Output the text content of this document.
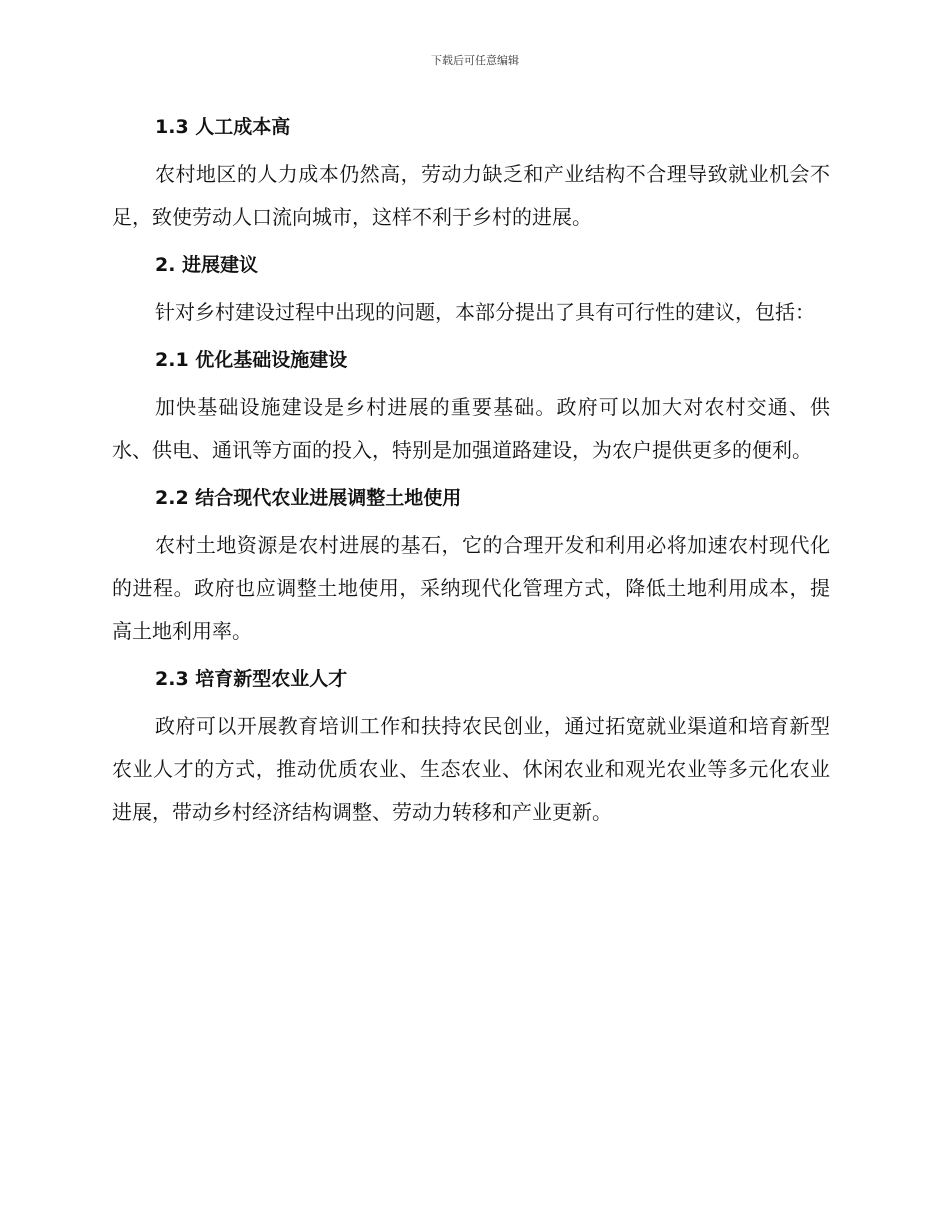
下载后可任意编辑
1.3 人工成本高

农村地区的人力成本仍然高，劳动力缺乏和产业结构不合理导致就业机会不足，致使劳动人口流向城市，这样不利于乡村的进展。

2. 进展建议

针对乡村建设过程中出现的问题，本部分提出了具有可行性的建议，包括：

2.1 优化基础设施建设

加快基础设施建设是乡村进展的重要基础。政府可以加大对农村交通、供水、供电、通讯等方面的投入，特别是加强道路建设，为农户提供更多的便利。

2.2 结合现代农业进展调整土地使用

农村土地资源是农村进展的基石，它的合理开发和利用必将加速农村现代化的进程。政府也应调整土地使用，采纳现代化管理方式，降低土地利用成本，提高土地利用率。

2.3 培育新型农业人才

政府可以开展教育培训工作和扶持农民创业，通过拓宽就业渠道和培育新型农业人才的方式，推动优质农业、生态农业、休闲农业和观光农业等多元化农业进展，带动乡村经济结构调整、劳动力转移和产业更新。
